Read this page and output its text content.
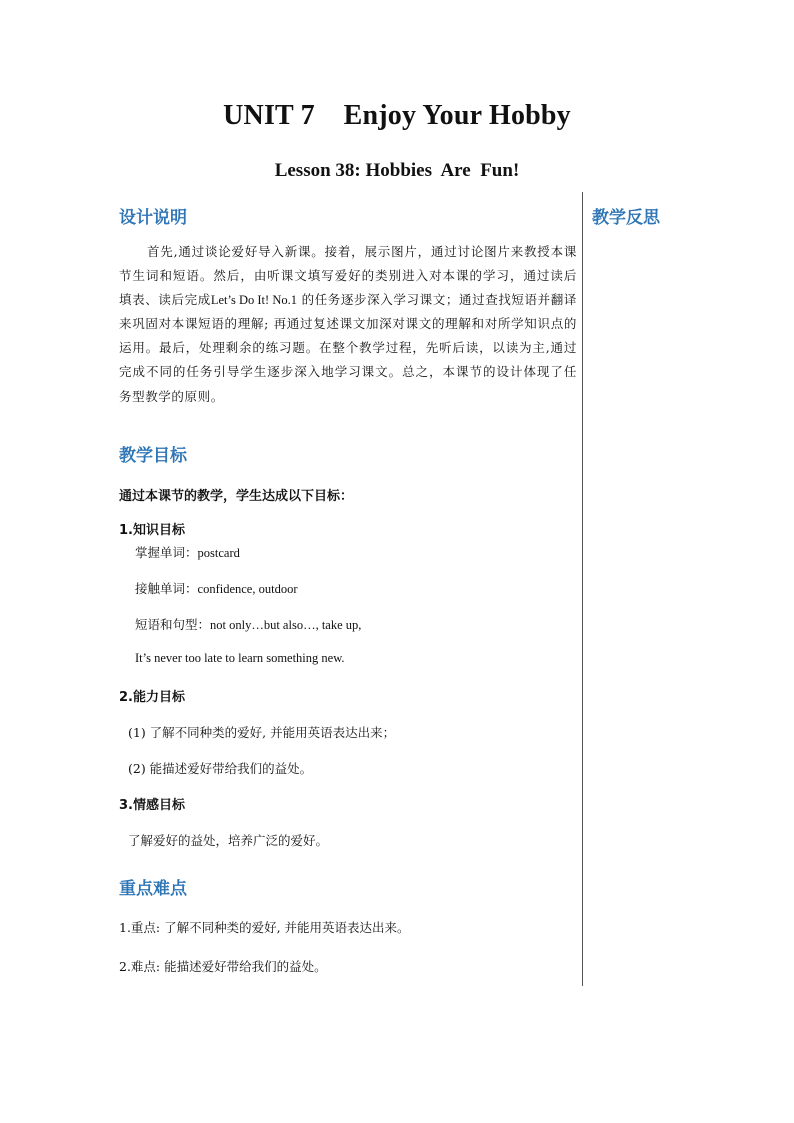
UNIT 7    Enjoy Your Hobby
Lesson 38: Hobbies  Are  Fun!
设计说明	教学反思
首先,通过谈论爱好导入新课。接着，展示图片，通过讨论图片来教授本课节生词和短语。然后，由听课文填写爱好的类别进入对本课的学习，通过读后填表、读后完成Let’s Do It! No.1 的任务逐步深入学习课文；通过查找短语并翻译来巩固对本课短语的理解; 再通过复述课文加深对课文的理解和对所学知识点的运用。最后，处理剩余的练习题。在整个教学过程，先听后读，以读为主,通过完成不同的任务引导学生逐步深入地学习课文。总之，本课节的设计体现了任务型教学的原则。
教学目标
通过本课节的教学，学生达成以下目标：
1.知识目标
掌握单词：postcard
接触单词：confidence, outdoor
短语和句型：not only…but also…, take up,
It’s never too late to learn something new.
2.能力目标
(1) 了解不同种类的爱好, 并能用英语表达出来；
(2) 能描述爱好带给我们的益处。
3.情感目标
了解爱好的益处，培养广泛的爱好。
重点难点
1.重点: 了解不同种类的爱好, 并能用英语表达出来。
2.难点: 能描述爱好带给我们的益处。
